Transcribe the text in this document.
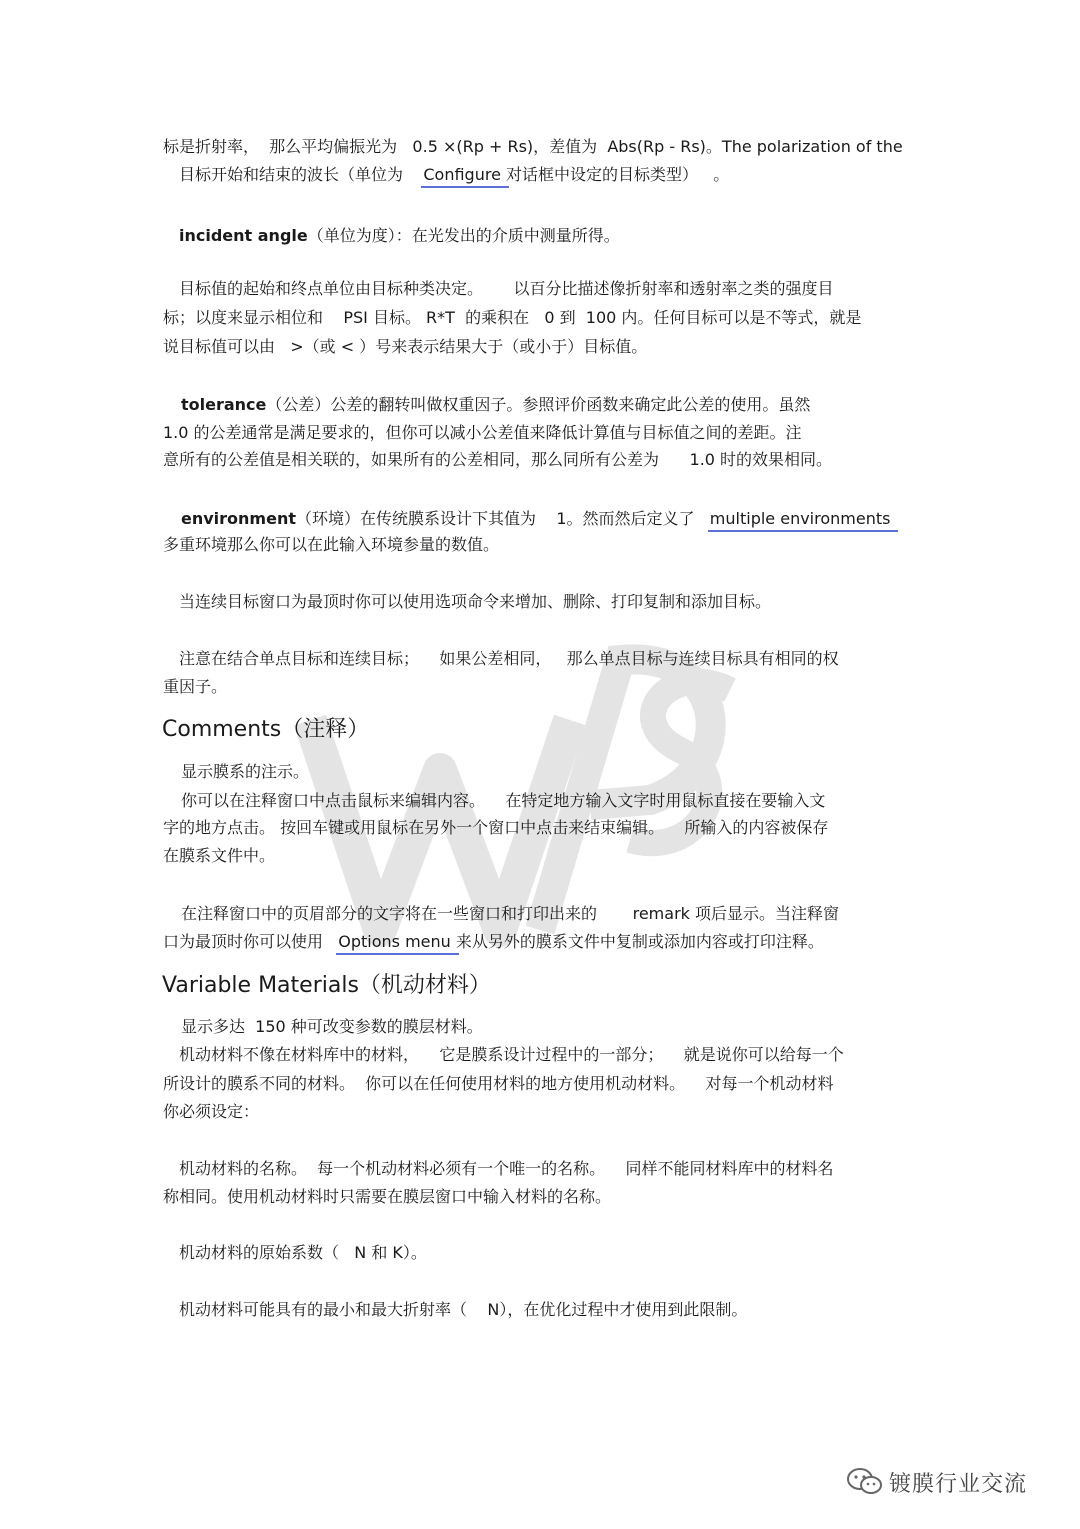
标是折射率，  那么平均偏振光为   0.5 ×(Rp + Rs)，差值为  Abs(Rp - Rs)。The polarization of the
目标开始和结束的波长（单位为    Configure 对话框中设定的目标类型）   。
incident angle（单位为度）：在光发出的介质中测量所得。
目标值的起始和终点单位由目标种类决定。      以百分比描述像折射率和透射率之类的强度目
标；以度来显示相位和    PSI 目标。 R*T  的乘积在   0 到  100 内。任何目标可以是不等式，就是
说目标值可以由   >（或 < ）号来表示结果大于（或小于）目标值。
tolerance（公差）公差的翻转叫做权重因子。参照评价函数来确定此公差的使用。虽然
1.0 的公差通常是满足要求的，但你可以减小公差值来降低计算值与目标值之间的差距。注
意所有的公差值是相关联的，如果所有的公差相同，那么同所有公差为      1.0 时的效果相同。
environment（环境）在传统膜系设计下其值为    1。然而然后定义了   multiple environments
多重环境那么你可以在此输入环境参量的数值。
当连续目标窗口为最顶时你可以使用选项命令来增加、删除、打印复制和添加目标。
注意在结合单点目标和连续目标；    如果公差相同，   那么单点目标与连续目标具有相同的权
重因子。
Comments（注释）
显示膜系的注示。
你可以在注释窗口中点击鼠标来编辑内容。    在特定地方输入文字时用鼠标直接在要输入文
字的地方点击。 按回车键或用鼠标在另外一个窗口中点击来结束编辑。    所输入的内容被保存
在膜系文件中。
在注释窗口中的页眉部分的文字将在一些窗口和打印出来的       remark 项后显示。当注释窗
口为最顶时你可以使用   Options menu 来从另外的膜系文件中复制或添加内容或打印注释。
Variable Materials（机动材料）
显示多达  150 种可改变参数的膜层材料。
机动材料不像在材料库中的材料，    它是膜系设计过程中的一部分；    就是说你可以给每一个
所设计的膜系不同的材料。  你可以在任何使用材料的地方使用机动材料。    对每一个机动材料
你必须设定：
机动材料的名称。  每一个机动材料必须有一个唯一的名称。    同样不能同材料库中的材料名
称相同。使用机动材料时只需要在膜层窗口中输入材料的名称。
机动材料的原始系数（   N 和 K）。
机动材料可能具有的最小和最大折射率（    N），在优化过程中才使用到此限制。
镀膜行业交流
